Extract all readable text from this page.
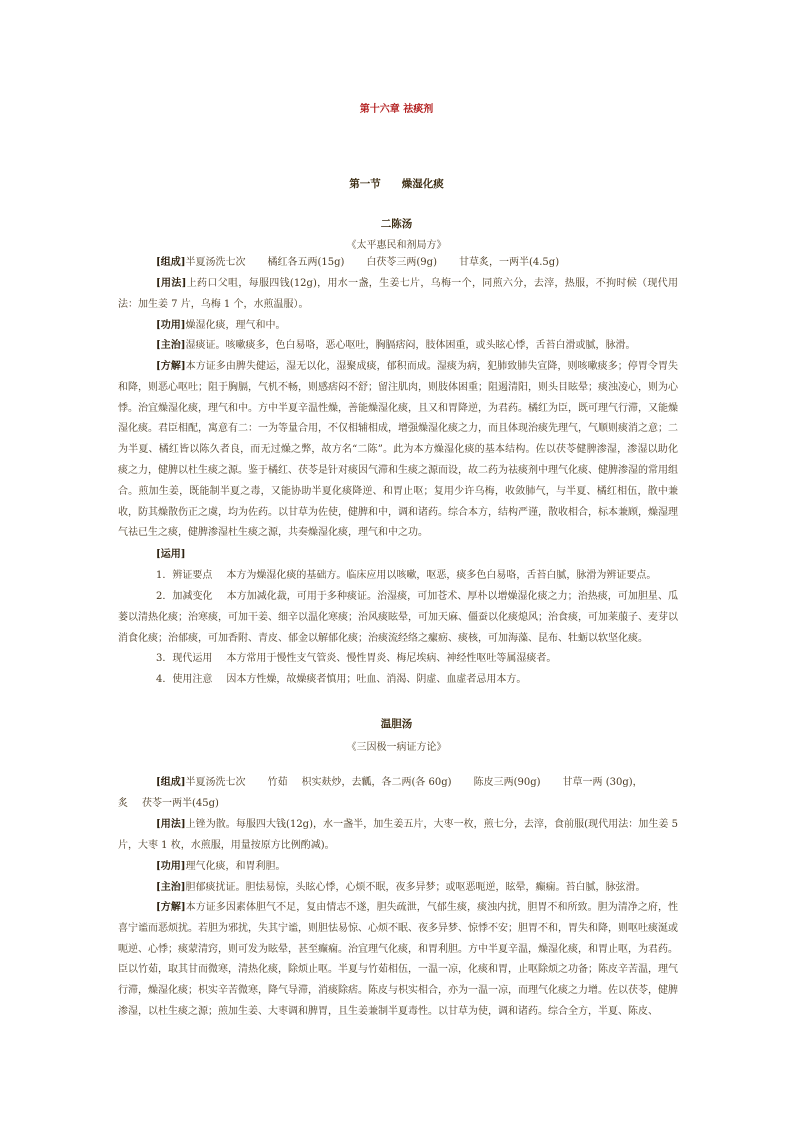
第十六章 祛痰剂
第一节　　燥湿化痰
二陈汤
《太平惠民和剂局方》
[组成]半夏汤洗七次 橘红各五两(15g) 白茯苓三两(9g) 甘草炙，一两半(4.5g)
[用法]上药口父咀，每服四钱(12g)，用水一盏，生姜七片，乌梅一个，同煎六分，去滓，热服，不拘时候（现代用法：加生姜 7 片，乌梅 1 个，水煎温服）。
[功用]燥湿化痰，理气和中。
[主治]湿痰证。咳嗽痰多，色白易咯，恶心呕吐，胸膈痞闷，肢体困重，或头眩心悸，舌苔白滑或腻，脉滑。
[方解]本方证多由脾失健运，湿无以化，湿聚成痰，郁积而成。湿痰为病，犯肺致肺失宣降，则咳嗽痰多；停胃令胃失和降，则恶心呕吐；阻于胸膈，气机不畅，则感痞闷不舒；留注肌肉，则肢体困重；阻遏清阳，则头目眩晕；痰浊凌心，则为心悸。治宜燥湿化痰，理气和中。方中半夏辛温性燥，善能燥湿化痰，且又和胃降逆，为君药。橘红为臣，既可理气行滞，又能燥湿化痰。君臣相配，寓意有二：一为等量合用，不仅相辅相成，增强燥湿化痰之力，而且体现治痰先理气，气顺则痰消之意；二为半夏、橘红皆以陈久者良，而无过燥之弊，故方名“二陈”。此为本方燥湿化痰的基本结构。佐以茯苓健脾渗湿，渗湿以助化痰之力，健脾以杜生痰之源。鉴于橘红、茯苓是针对痰因气滞和生痰之源而设，故二药为祛痰剂中理气化痰、健脾渗湿的常用组合。煎加生姜，既能制半夏之毒，又能协助半夏化痰降逆、和胃止呕；复用少许乌梅，收敛肺气，与半夏、橘红相伍，散中兼收，防其燥散伤正之虞，均为佐药。以甘草为佐使，健脾和中，调和诸药。综合本方，结构严谨，散收相合，标本兼顾，燥湿理气祛已生之痰，健脾渗湿杜生痰之源，共奏燥湿化痰，理气和中之功。
[运用]
1．辨证要点 本方为燥湿化痰的基础方。临床应用以咳嗽，呕恶，痰多色白易咯，舌苔白腻，脉滑为辨证要点。
2．加减变化 本方加减化裁，可用于多种痰证。治湿痰，可加苍术、厚朴以增燥湿化痰之力；治热痰，可加胆星、瓜蒌以清热化痰；治寒痰，可加干姜、细辛以温化寒痰；治风痰眩晕，可加天麻、僵蚕以化痰熄风；治食痰，可加莱菔子、麦芽以消食化痰；治郁痰，可加香附、青皮、郁金以解郁化痰；治痰流经络之瘰疬、痰核，可加海藻、昆布、牡蛎以软坚化痰。
3．现代运用 本方常用于慢性支气管炎、慢性胃炎、梅尼埃病、神经性呕吐等属湿痰者。
4．使用注意 因本方性燥，故燥痰者慎用；吐血、消渴、阴虚、血虚者忌用本方。
温胆汤
《三因极一病证方论》
[组成]半夏汤洗七次 竹茹 枳实麸炒，去瓤，各二两(各 60g) 陈皮三两(90g) 甘草一两 (30g)，
炙 茯苓一两半(45g)
[用法]上锉为散。每服四大钱(12g)，水一盏半，加生姜五片，大枣一枚，煎七分，去滓，食前服(现代用法：加生姜 5 片，大枣 1 枚，水煎服，用量按原方比例酌减)。
[功用]理气化痰，和胃利胆。
[主治]胆郁痰扰证。胆怯易惊，头眩心悸，心烦不眠，夜多异梦；或呕恶呃逆，眩晕，癫痫。苔白腻，脉弦滑。
[方解]本方证多因素体胆气不足，复由情志不遂，胆失疏泄，气郁生痰，痰浊内扰，胆胃不和所致。胆为清净之府，性喜宁谧而恶烦扰。若胆为邪扰，失其宁谧，则胆怯易惊、心烦不眠、夜多异梦、惊悸不安；胆胃不和，胃失和降，则呕吐痰涎或呃逆、心悸；痰蒙清窍，则可发为眩晕，甚至癫痫。治宜理气化痰，和胃利胆。方中半夏辛温，燥湿化痰，和胃止呕，为君药。臣以竹茹，取其甘而微寒，清热化痰，除烦止呕。半夏与竹茹相伍，一温一凉，化痰和胃，止呕除烦之功备；陈皮辛苦温，理气行滞，燥湿化痰；枳实辛苦微寒，降气导滞，消痰除痞。陈皮与枳实相合，亦为一温一凉，而理气化痰之力增。佐以茯苓，健脾渗湿，以杜生痰之源；煎加生姜、大枣调和脾胃，且生姜兼制半夏毒性。以甘草为使，调和诸药。综合全方，半夏、陈皮、
